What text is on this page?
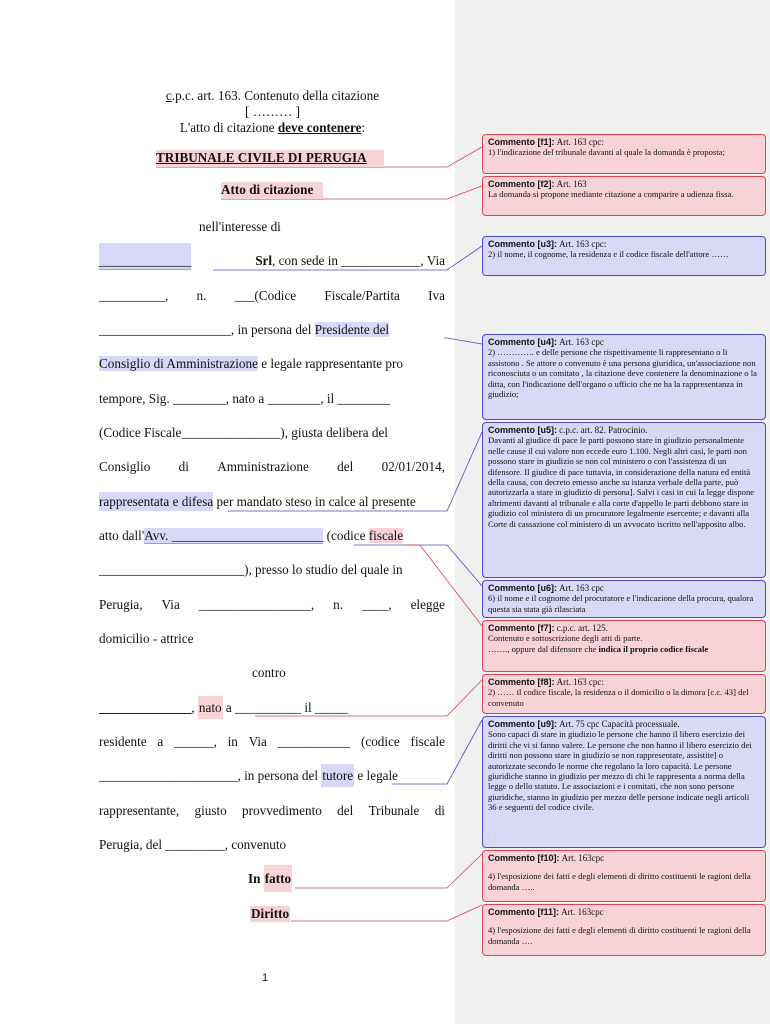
c.p.c. art. 163. Contenuto della citazione
[ ……… ]
L'atto di citazione deve contenere:
TRIBUNALE CIVILE DI PERUGIA
Atto di citazione
nell'interesse di
______________	Srl, con sede in ____________, Via
__________, n. ___(Codice Fiscale/Partita Iva
____________________, in persona del Presidente del
Consiglio di Amministrazione e legale rappresentante pro
tempore, Sig. ________, nato a ________, il ________
(Codice Fiscale_______________), giusta delibera del
Consiglio di Amministrazione del 02/01/2014,
rappresentata e difesa per mandato steso in calce al presente
atto dall'Avv. _______________________ (codice fiscale
______________________), presso lo studio del quale in
Perugia, Via _________________, n. ____, elegge
domicilio - attrice
contro
______________, nato a __________ il _____
residente a ______, in Via ___________ (codice fiscale
_____________________, in persona del tutore e legale
rappresentante, giusto provvedimento del Tribunale di
Perugia, del _________, convenuto
In fatto
Diritto
1
Commento [f1]: Art. 163 cpc:
1) l'indicazione del tribunale davanti al quale la domanda è proposta;
Commento [f2]: Art. 163
La domanda si propone mediante citazione a comparire a udienza fissa.
Commento [u3]: Art. 163 cpc:
2) il nome, il cognome, la residenza e il codice fiscale dell'attore ……
Commento [u4]: Art. 163 cpc
2) …………. e delle persone che rispettivamente li rappresentano o li assistono . Se attore o convenuto è una persona giuridica, un'associazione non riconosciuta o un comitato , la citazione deve contenere la denominazione o la ditta, con l'indicazione dell'organo o ufficio che ne ha la rappresentanza in giudizio;
Commento [u5]: c.p.c. art. 82. Patrocinio.
Davanti al giudice di pace le parti possono stare in giudizio personalmente nelle cause il cui valore non eccede euro 1.100. Negli altri casi, le parti non possono stare in giudizio se non col ministero o con l'assistenza di un difensore. Il giudice di pace tuttavia, in considerazione della natura ed entità della causa, con decreto emesso anche su istanza verbale della parte, può autorizzarla a stare in giudizio di persona]. Salvi i casi in cui la legge dispone altrimenti davanti al tribunale e alla corte d'appello le parti debbono stare in giudizio col ministero di un procuratore legalmente esercente; e davanti alla Corte di cassazione col ministero di un avvocato iscritto nell'apposito albo.
Commento [u6]: Art. 163 cpc
6) il nome e il cognome del procuratore e l'indicazione della procura, qualora questa sia stata già rilasciata
Commento [f7]: c.p.c. art. 125.
Contenuto e sottoscrizione degli atti di parte.
……., oppure dal difensore che indica il proprio codice fiscale
Commento [f8]: Art. 163 cpc:
2) …… il codice fiscale, la residenza o il domicilio o la dimora [c.c. 43] del convenuto
Commento [u9]: Art. 75 cpc Capacità processuale.
Sono capaci di stare in giudizio le persone che hanno il libero esercizio dei diritti che vi si fanno valere. Le persone che non hanno il libero esercizio dei diritti non possono stare in giudizio se non rappresentate, assistite] o autorizzate secondo le norme che regolano la loro capacità. Le persone giuridiche stanno in giudizio per mezzo di chi le rappresenta a norma della legge o dello statuto. Le associazioni e i comitati, che non sono persone giuridiche, stanno in giudizio per mezzo delle persone indicate negli articoli 36 e seguenti del codice civile.
Commento [f10]: Art. 163cpc
4) l'esposizione dei fatti e degli elementi di diritto costituenti le ragioni della domanda …..
Commento [f11]: Art. 163cpc
4) l'esposizione dei fatti e degli elementi di diritto costituenti le ragioni della domanda ….
